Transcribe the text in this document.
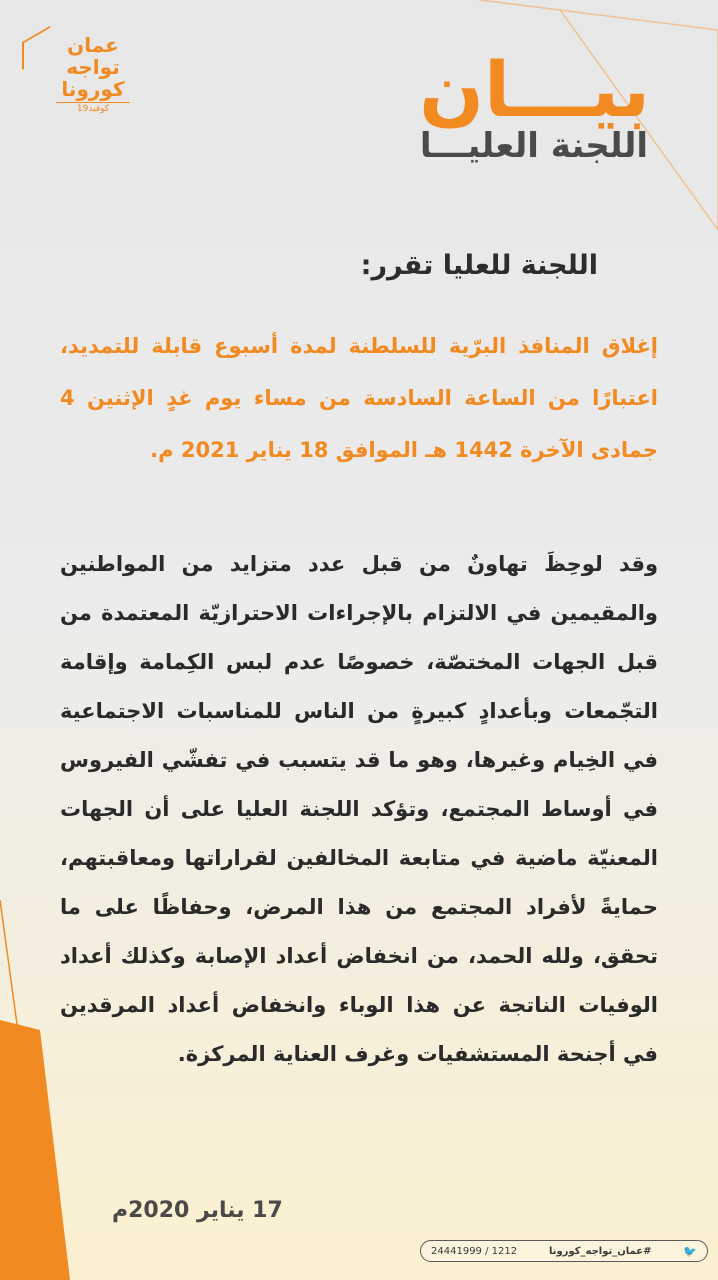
عمان
تواجه
كورونا
كوفيد19	بيـــان
اللجنة العليـــا
اللجنة للعليا تقرر:
إغلاق المنافذ البرّية للسلطنة لمدة أسبوع قابلة للتمديد، اعتبارًا من الساعة السادسة من مساء يوم غدٍ الإثنين 4 جمادى الآخرة 1442 هـ الموافق 18 يناير 2021 م.
وقد لوحِظَ تهاونٌ من قبل عدد متزايد من المواطنين والمقيمين في الالتزام بالإجراءات الاحترازيّة المعتمدة من قبل الجهات المختصّة، خصوصًا عدم لبس الكِمامة وإقامة التجّمعات وبأعدادٍ كبيرةٍ من الناس للمناسبات الاجتماعية في الخِيام وغيرها، وهو ما قد يتسبب في تفشّي الفيروس في أوساط المجتمع، وتؤكد اللجنة العليا على أن الجهات المعنيّة ماضية في متابعة المخالفين لقراراتها ومعاقبتهم، حمايةً لأفراد المجتمع من هذا المرض، وحفاظًا على ما تحقق، ولله الحمد، من انخفاض أعداد الإصابة وكذلك أعداد الوفيات الناتجة عن هذا الوباء وانخفاض أعداد المرقدين في أجنحة المستشفيات وغرف العناية المركزة.
17 يناير 2020م
🐦
#عمان_تواجه_كورونا
1212 / 24441999
